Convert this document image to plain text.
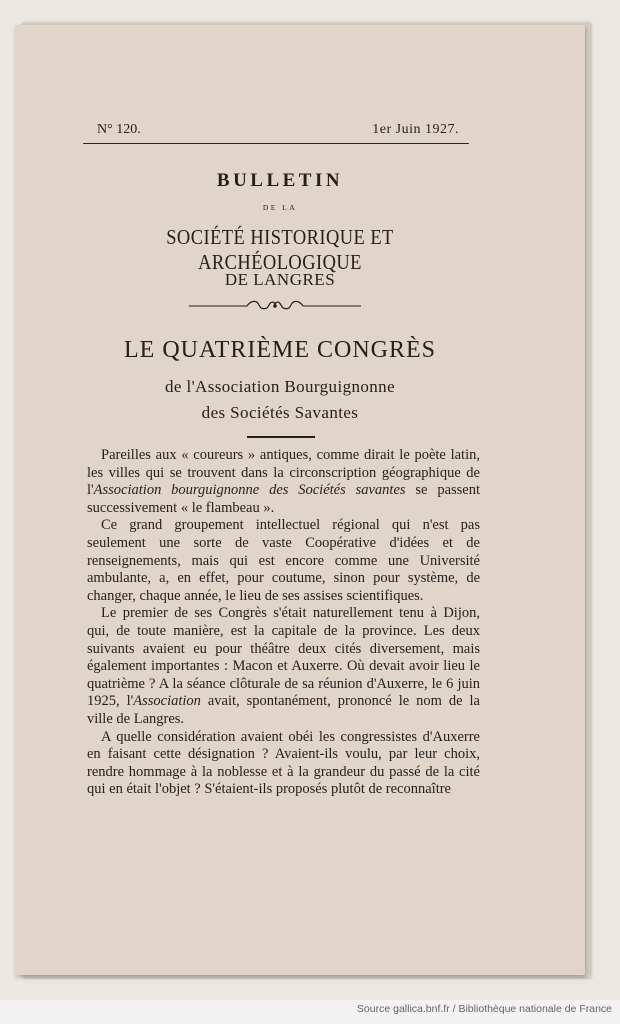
N° 120.	1er Juin 1927.
BULLETIN
DE LA
SOCIÉTÉ HISTORIQUE ET ARCHÉOLOGIQUE
DE LANGRES
LE QUATRIÈME CONGRÈS
de l'Association Bourguignonne
des Sociétés Savantes

Pareilles aux « coureurs » antiques, comme dirait le poète latin, les villes qui se trouvent dans la circonscription géographique de l'Association bourguignonne des Sociétés savantes se passent successivement « le flambeau ».

Ce grand groupement intellectuel régional qui n'est pas seulement une sorte de vaste Coopérative d'idées et de renseignements, mais qui est encore comme une Université ambulante, a, en effet, pour coutume, sinon pour système, de changer, chaque année, le lieu de ses assises scientifiques.

Le premier de ses Congrès s'était naturellement tenu à Dijon, qui, de toute manière, est la capitale de la province. Les deux suivants avaient eu pour théâtre deux cités diversement, mais également importantes : Macon et Auxerre. Où devait avoir lieu le quatrième ? A la séance clôturale de sa réunion d'Auxerre, le 6 juin 1925, l'Association avait, spontanément, prononcé le nom de la ville de Langres.

A quelle considération avaient obéi les congressistes d'Auxerre en faisant cette désignation ? Avaient-ils voulu, par leur choix, rendre hommage à la noblesse et à la grandeur du passé de la cité qui en était l'objet ? S'étaient-ils proposés plutôt de reconnaître

Source gallica.bnf.fr / Bibliothèque nationale de France
